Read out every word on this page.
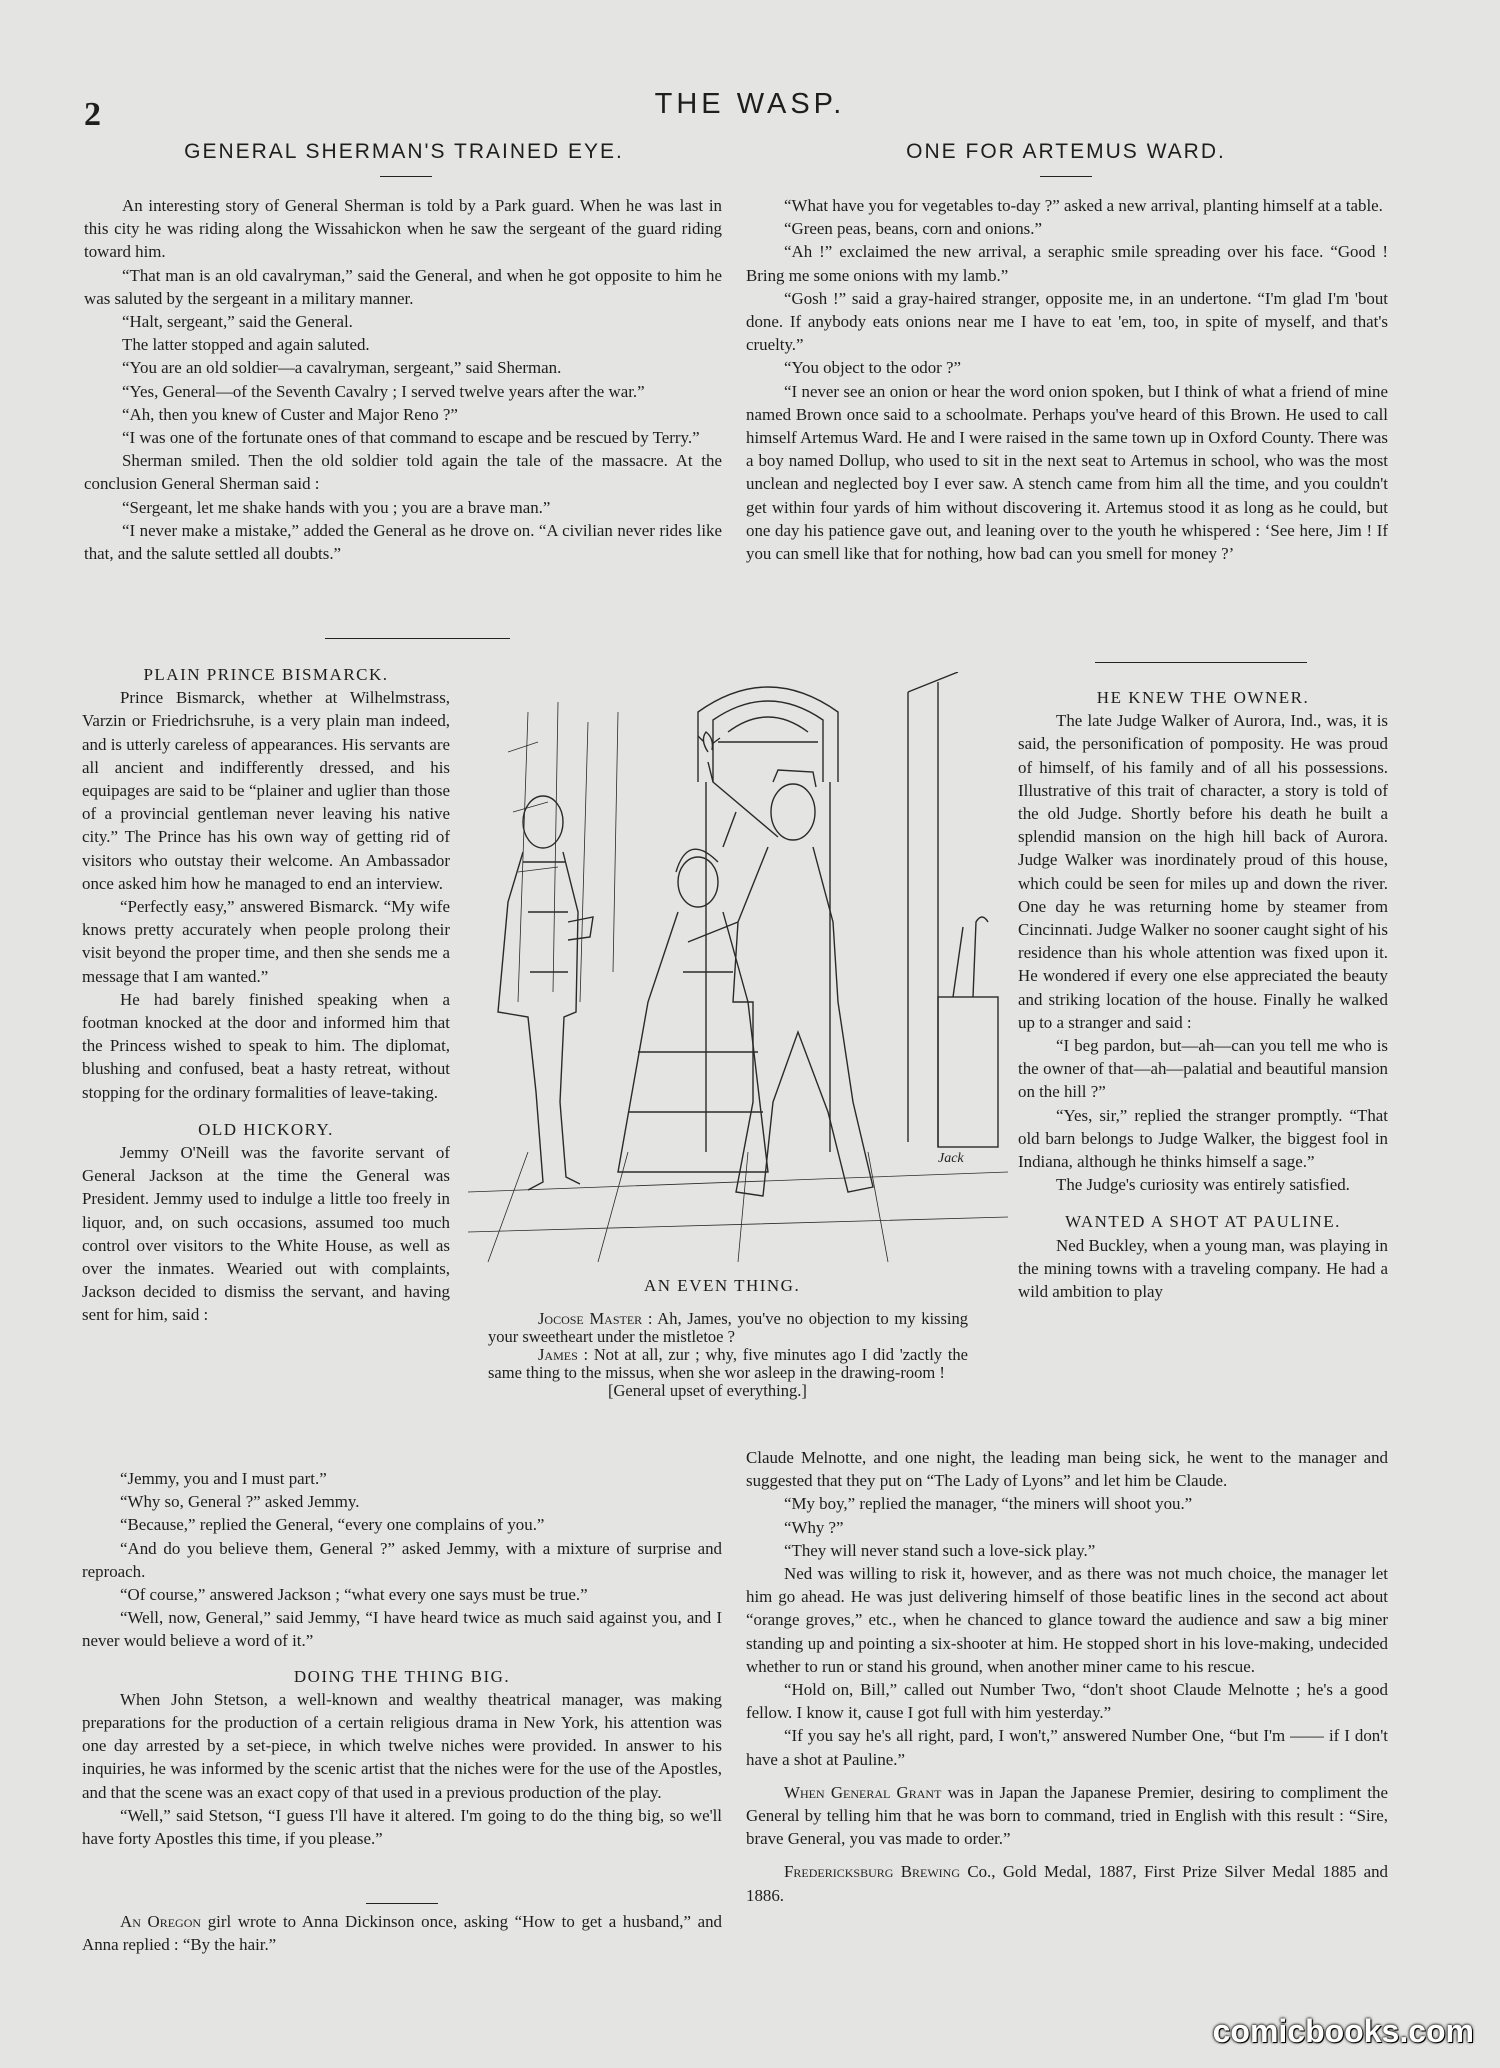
2	THE WASP.
GENERAL SHERMAN'S TRAINED EYE.

An interesting story of General Sherman is told by a Park guard. When he was last in this city he was riding along the Wissahickon when he saw the sergeant of the guard riding toward him.

“That man is an old cavalryman,” said the General, and when he got opposite to him he was saluted by the sergeant in a military manner.

“Halt, sergeant,” said the General.

The latter stopped and again saluted.

“You are an old soldier—a cavalryman, sergeant,” said Sherman.

“Yes, General—of the Seventh Cavalry ; I served twelve years after the war.”

“Ah, then you knew of Custer and Major Reno ?”

“I was one of the fortunate ones of that command to escape and be rescued by Terry.”

Sherman smiled. Then the old soldier told again the tale of the massacre. At the conclusion General Sherman said :

“Sergeant, let me shake hands with you ; you are a brave man.”

“I never make a mistake,” added the General as he drove on. “A civilian never rides like that, and the salute settled all doubts.”

ONE FOR ARTEMUS WARD.

“What have you for vegetables to-day ?” asked a new arrival, planting himself at a table.

“Green peas, beans, corn and onions.”

“Ah !” exclaimed the new arrival, a seraphic smile spreading over his face. “Good ! Bring me some onions with my lamb.”

“Gosh !” said a gray-haired stranger, opposite me, in an undertone. “I'm glad I'm 'bout done. If anybody eats onions near me I have to eat 'em, too, in spite of myself, and that's cruelty.”

“You object to the odor ?”

“I never see an onion or hear the word onion spoken, but I think of what a friend of mine named Brown once said to a schoolmate. Perhaps you've heard of this Brown. He used to call himself Artemus Ward. He and I were raised in the same town up in Oxford County. There was a boy named Dollup, who used to sit in the next seat to Artemus in school, who was the most unclean and neglected boy I ever saw. A stench came from him all the time, and you couldn't get within four yards of him without discovering it. Artemus stood it as long as he could, but one day his patience gave out, and leaning over to the youth he whispered : ‘See here, Jim ! If you can smell like that for nothing, how bad can you smell for money ?’

PLAIN PRINCE BISMARCK.

Prince Bismarck, whether at Wilhelmstrass, Varzin or Friedrichsruhe, is a very plain man indeed, and is utterly careless of appearances. His servants are all ancient and indifferently dressed, and his equipages are said to be “plainer and uglier than those of a provincial gentleman never leaving his native city.” The Prince has his own way of getting rid of visitors who outstay their welcome. An Ambassador once asked him how he managed to end an interview.

“Perfectly easy,” answered Bismarck. “My wife knows pretty accurately when people prolong their visit beyond the proper time, and then she sends me a message that I am wanted.”

He had barely finished speaking when a footman knocked at the door and informed him that the Princess wished to speak to him. The diplomat, blushing and confused, beat a hasty retreat, without stopping for the ordinary formalities of leave-taking.

OLD HICKORY.

Jemmy O'Neill was the favorite servant of General Jackson at the time the General was President. Jemmy used to indulge a little too freely in liquor, and, on such occasions, assumed too much control over visitors to the White House, as well as over the inmates. Wearied out with complaints, Jackson decided to dismiss the servant, and having sent for him, said :

“Jemmy, you and I must part.”

“Why so, General ?” asked Jemmy.

“Because,” replied the General, “every one complains of you.”

“And do you believe them, General ?” asked Jemmy, with a mixture of surprise and reproach.

“Of course,” answered Jackson ; “what every one says must be true.”

“Well, now, General,” said Jemmy, “I have heard twice as much said against you, and I never would believe a word of it.”

DOING THE THING BIG.

When John Stetson, a well-known and wealthy theatrical manager, was making preparations for the production of a certain religious drama in New York, his attention was one day arrested by a set-piece, in which twelve niches were provided. In answer to his inquiries, he was informed by the scenic artist that the niches were for the use of the Apostles, and that the scene was an exact copy of that used in a previous production of the play.

“Well,” said Stetson, “I guess I'll have it altered. I'm going to do the thing big, so we'll have forty Apostles this time, if you please.”

An Oregon girl wrote to Anna Dickinson once, asking “How to get a husband,” and Anna replied : “By the hair.”

Jack
AN EVEN THING.

Jocose Master : Ah, James, you've no objection to my kissing your sweetheart under the mistletoe ?

James : Not at all, zur ; why, five minutes ago I did 'zactly the same thing to the missus, when she wor asleep in the drawing-room !

[General upset of everything.]

HE KNEW THE OWNER.

The late Judge Walker of Aurora, Ind., was, it is said, the personification of pomposity. He was proud of himself, of his family and of all his possessions. Illustrative of this trait of character, a story is told of the old Judge. Shortly before his death he built a splendid mansion on the high hill back of Aurora. Judge Walker was inordinately proud of this house, which could be seen for miles up and down the river. One day he was returning home by steamer from Cincinnati. Judge Walker no sooner caught sight of his residence than his whole attention was fixed upon it. He wondered if every one else appreciated the beauty and striking location of the house. Finally he walked up to a stranger and said :

“I beg pardon, but—ah—can you tell me who is the owner of that—ah—palatial and beautiful mansion on the hill ?”

“Yes, sir,” replied the stranger promptly. “That old barn belongs to Judge Walker, the biggest fool in Indiana, although he thinks himself a sage.”

The Judge's curiosity was entirely satisfied.

WANTED A SHOT AT PAULINE.

Ned Buckley, when a young man, was playing in the mining towns with a traveling company. He had a wild ambition to play

Claude Melnotte, and one night, the leading man being sick, he went to the manager and suggested that they put on “The Lady of Lyons” and let him be Claude.

“My boy,” replied the manager, “the miners will shoot you.”

“Why ?”

“They will never stand such a love-sick play.”

Ned was willing to risk it, however, and as there was not much choice, the manager let him go ahead. He was just delivering himself of those beatific lines in the second act about “orange groves,” etc., when he chanced to glance toward the audience and saw a big miner standing up and pointing a six-shooter at him. He stopped short in his love-making, undecided whether to run or stand his ground, when another miner came to his rescue.

“Hold on, Bill,” called out Number Two, “don't shoot Claude Melnotte ; he's a good fellow. I know it, cause I got full with him yesterday.”

“If you say he's all right, pard, I won't,” answered Number One, “but I'm —— if I don't have a shot at Pauline.”

When General Grant was in Japan the Japanese Premier, desiring to compliment the General by telling him that he was born to command, tried in English with this result : “Sire, brave General, you vas made to order.”

Fredericksburg Brewing Co., Gold Medal, 1887, First Prize Silver Medal 1885 and 1886.

comicbooks.com
